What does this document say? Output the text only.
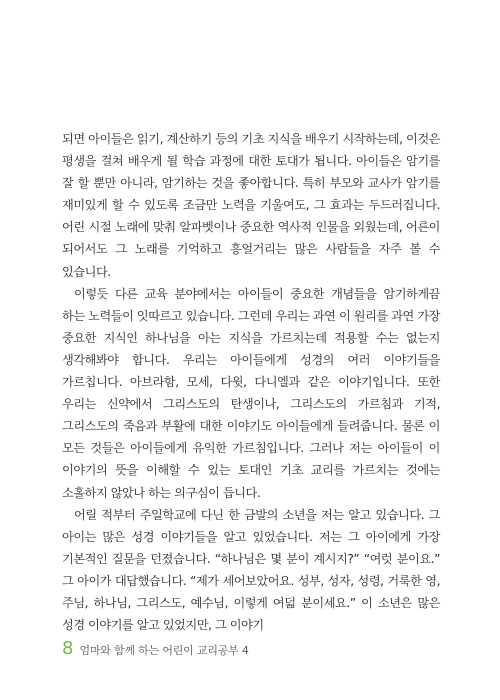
되면 아이들은 읽기, 계산하기 등의 기초 지식을 배우기 시작하는데, 이것은 평생을 걸쳐 배우게 될 학습 과정에 대한 토대가 됩니다. 아이들은 암기를 잘 할 뿐만 아니라, 암기하는 것을 좋아합니다. 특히 부모와 교사가 암기를 재미있게 할 수 있도록 조금만 노력을 기울여도, 그 효과는 두드러집니다. 어린 시절 노래에 맞춰 알파벳이나 중요한 역사적 인물을 외웠는데, 어른이 되어서도 그 노래를 기억하고 흥얼거리는 많은 사람들을 자주 볼 수 있습니다.

이렇듯 다른 교육 분야에서는 아이들이 중요한 개념들을 암기하게끔 하는 노력들이 잇따르고 있습니다. 그런데 우리는 과연 이 원리를 과연 가장 중요한 지식인 하나님을 아는 지식을 가르치는데 적용할 수는 없는지 생각해봐야 합니다. 우리는 아이들에게 성경의 여러 이야기들을 가르칩니다. 아브라함, 모세, 다윗, 다니엘과 같은 이야기입니다. 또한 우리는 신약에서 그리스도의 탄생이나, 그리스도의 가르침과 기적, 그리스도의 죽음과 부활에 대한 이야기도 아이들에게 들려줍니다. 물론 이 모든 것들은 아이들에게 유익한 가르침입니다. 그러나 저는 아이들이 이 이야기의 뜻을 이해할 수 있는 토대인 기초 교리를 가르치는 것에는 소홀하지 않았나 하는 의구심이 듭니다.

어릴 적부터 주일학교에 다닌 한 금발의 소년을 저는 알고 있습니다. 그 아이는 많은 성경 이야기들을 알고 있었습니다. 저는 그 아이에게 가장 기본적인 질문을 던졌습니다. “하나님은 몇 분이 계시지?” “여럿 분이요.” 그 아이가 대답했습니다. “제가 세어보았어요. 성부, 성자, 성령, 거룩한 영, 주님, 하나님, 그리스도, 예수님, 이렇게 여덟 분이세요.” 이 소년은 많은 성경 이야기를 알고 있었지만, 그 이야기

8 엄마와 함께 하는 어린이 교리공부 4
